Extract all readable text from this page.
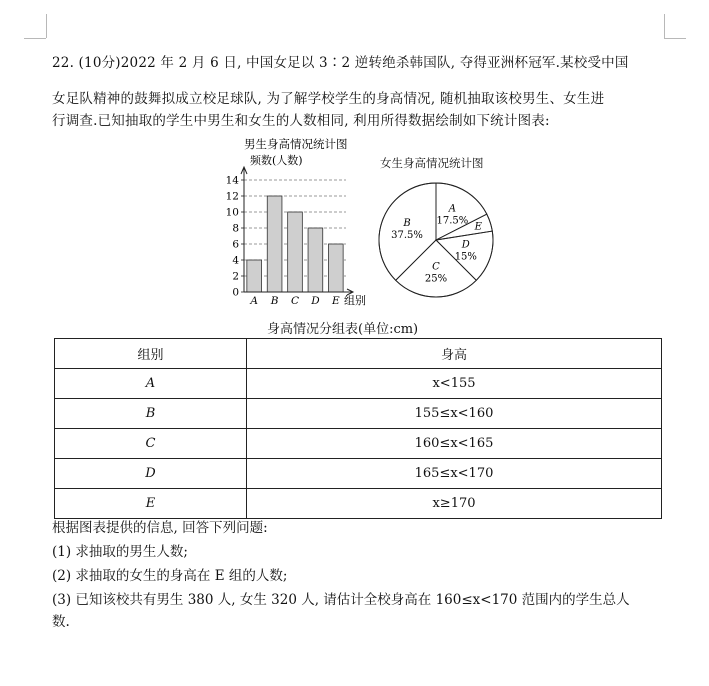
22. (10分)2022 年 2 月 6 日, 中国女足以 3∶2 逆转绝杀韩国队, 夺得亚洲杯冠军.某校受中国
女足队精神的鼓舞拟成立校足球队, 为了解学校学生的身高情况, 随机抽取该校男生、女生进
行调查.已知抽取的学生中男生和女生的人数相同, 利用所得数据绘制如下统计图表:
男生身高情况统计图
频数(人数)
0
2
4
6
8
10
12
14
A B C D E 组别
女生身高情况统计图
A
17.5%
E
D
15%
C
25%
B
37.5%
身高情况分组表(单位:cm)
组别	身高
A	x<155
B	155≤x<160
C	160≤x<165
D	165≤x<170
E	x≥170
根据图表提供的信息, 回答下列问题:
(1) 求抽取的男生人数;
(2) 求抽取的女生的身高在 E 组的人数;
(3) 已知该校共有男生 380 人, 女生 320 人, 请估计全校身高在 160≤x<170 范围内的学生总人
数.
